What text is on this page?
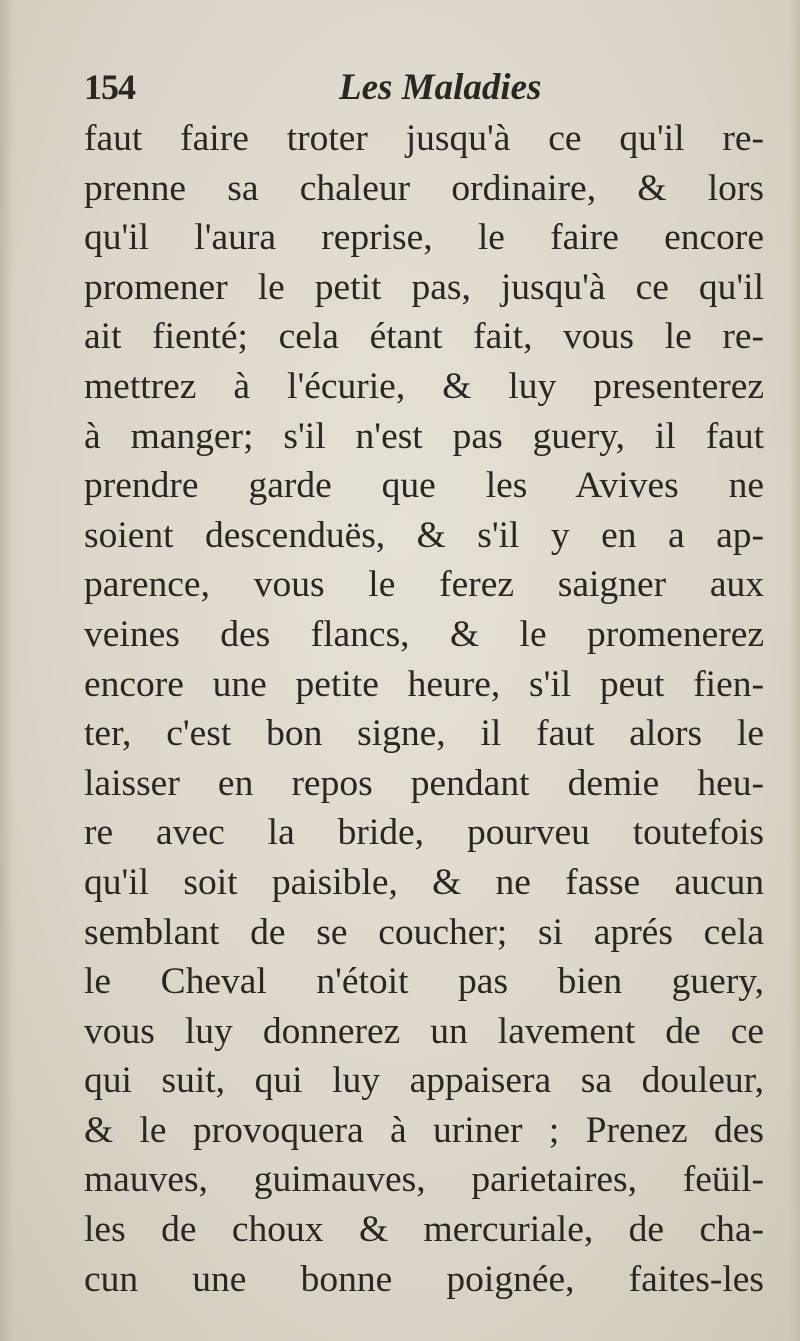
154	Les Maladies
faut faire troter jusqu'à ce qu'il re-
prenne sa chaleur ordinaire, & lors
qu'il l'aura reprise, le faire encore
promener le petit pas, jusqu'à ce qu'il
ait fienté; cela étant fait, vous le re-
mettrez à l'écurie, & luy presenterez
à manger; s'il n'est pas guery, il faut
prendre garde que les Avives ne
soient descenduës, & s'il y en a ap-
parence, vous le ferez saigner aux
veines des flancs, & le promenerez
encore une petite heure, s'il peut fien-
ter, c'est bon signe, il faut alors le
laisser en repos pendant demie heu-
re avec la bride, pourveu toutefois
qu'il soit paisible, & ne fasse aucun
semblant de se coucher; si aprés cela
le Cheval n'étoit pas bien guery,
vous luy donnerez un lavement de ce
qui suit, qui luy appaisera sa douleur,
& le provoquera à uriner ; Prenez des
mauves, guimauves, parietaires, feüil-
les de choux & mercuriale, de cha-
cun une bonne poignée, faites-les
